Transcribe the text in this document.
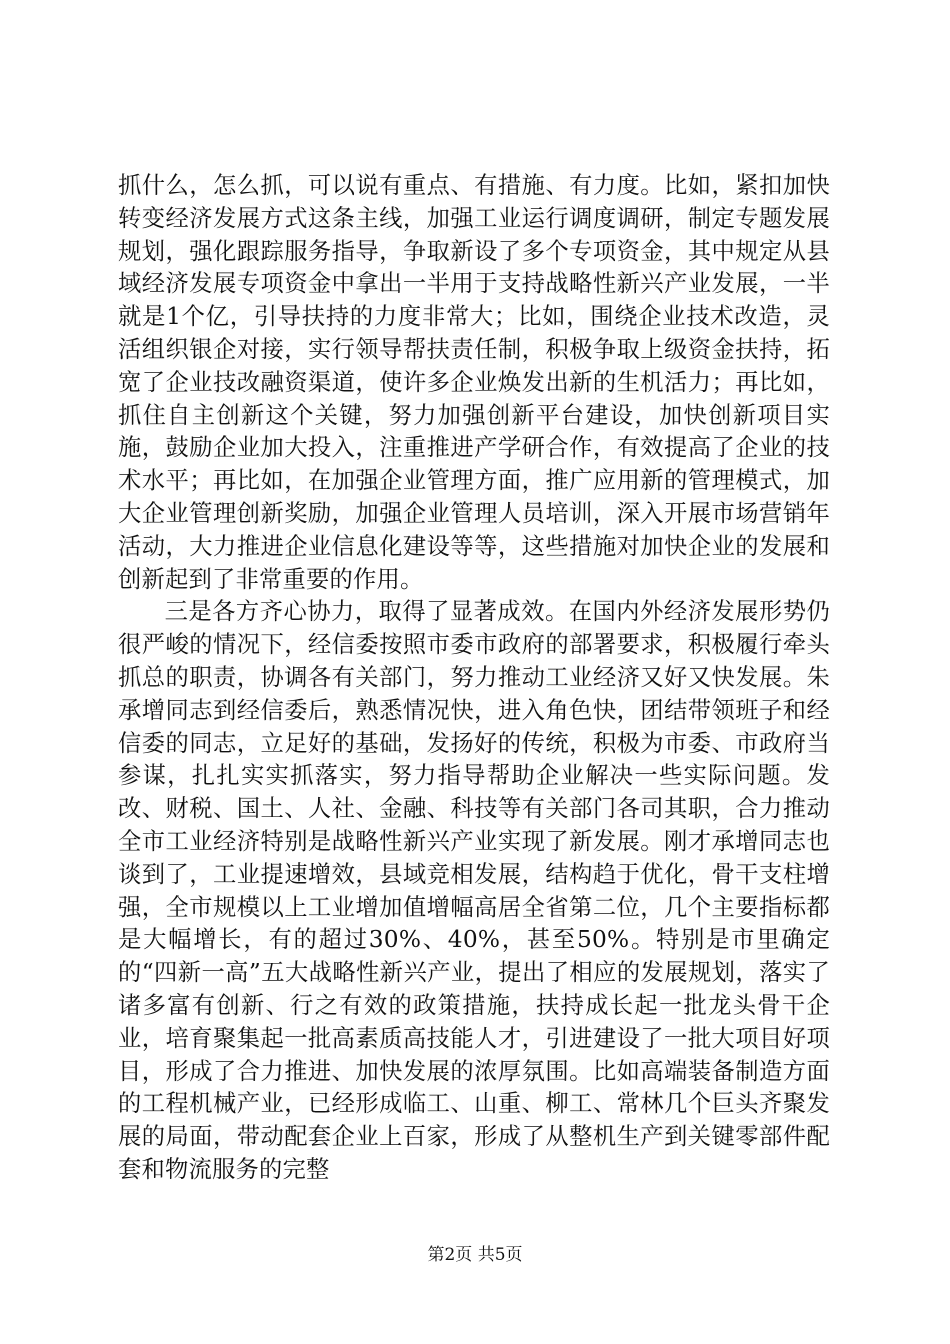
抓什么，怎么抓，可以说有重点、有措施、有力度。比如，紧扣加快转变经济发展方式这条主线，加强工业运行调度调研，制定专题发展规划，强化跟踪服务指导，争取新设了多个专项资金，其中规定从县域经济发展专项资金中拿出一半用于支持战略性新兴产业发展，一半就是1个亿，引导扶持的力度非常大；比如，围绕企业技术改造，灵活组织银企对接，实行领导帮扶责任制，积极争取上级资金扶持，拓宽了企业技改融资渠道，使许多企业焕发出新的生机活力；再比如，抓住自主创新这个关键，努力加强创新平台建设，加快创新项目实施，鼓励企业加大投入，注重推进产学研合作，有效提高了企业的技术水平；再比如，在加强企业管理方面，推广应用新的管理模式，加大企业管理创新奖励，加强企业管理人员培训，深入开展市场营销年活动，大力推进企业信息化建设等等，这些措施对加快企业的发展和创新起到了非常重要的作用。

三是各方齐心协力，取得了显著成效。在国内外经济发展形势仍很严峻的情况下，经信委按照市委市政府的部署要求，积极履行牵头抓总的职责，协调各有关部门，努力推动工业经济又好又快发展。朱承增同志到经信委后，熟悉情况快，进入角色快，团结带领班子和经信委的同志，立足好的基础，发扬好的传统，积极为市委、市政府当参谋，扎扎实实抓落实，努力指导帮助企业解决一些实际问题。发改、财税、国土、人社、金融、科技等有关部门各司其职，合力推动全市工业经济特别是战略性新兴产业实现了新发展。刚才承增同志也谈到了，工业提速增效，县域竞相发展，结构趋于优化，骨干支柱增强，全市规模以上工业增加值增幅高居全省第二位，几个主要指标都是大幅增长，有的超过30%、40%，甚至50%。特别是市里确定的“四新一高”五大战略性新兴产业，提出了相应的发展规划，落实了诸多富有创新、行之有效的政策措施，扶持成长起一批龙头骨干企业，培育聚集起一批高素质高技能人才，引进建设了一批大项目好项目，形成了合力推进、加快发展的浓厚氛围。比如高端装备制造方面的工程机械产业，已经形成临工、山重、柳工、常林几个巨头齐聚发展的局面，带动配套企业上百家，形成了从整机生产到关键零部件配套和物流服务的完整

第2页 共5页
